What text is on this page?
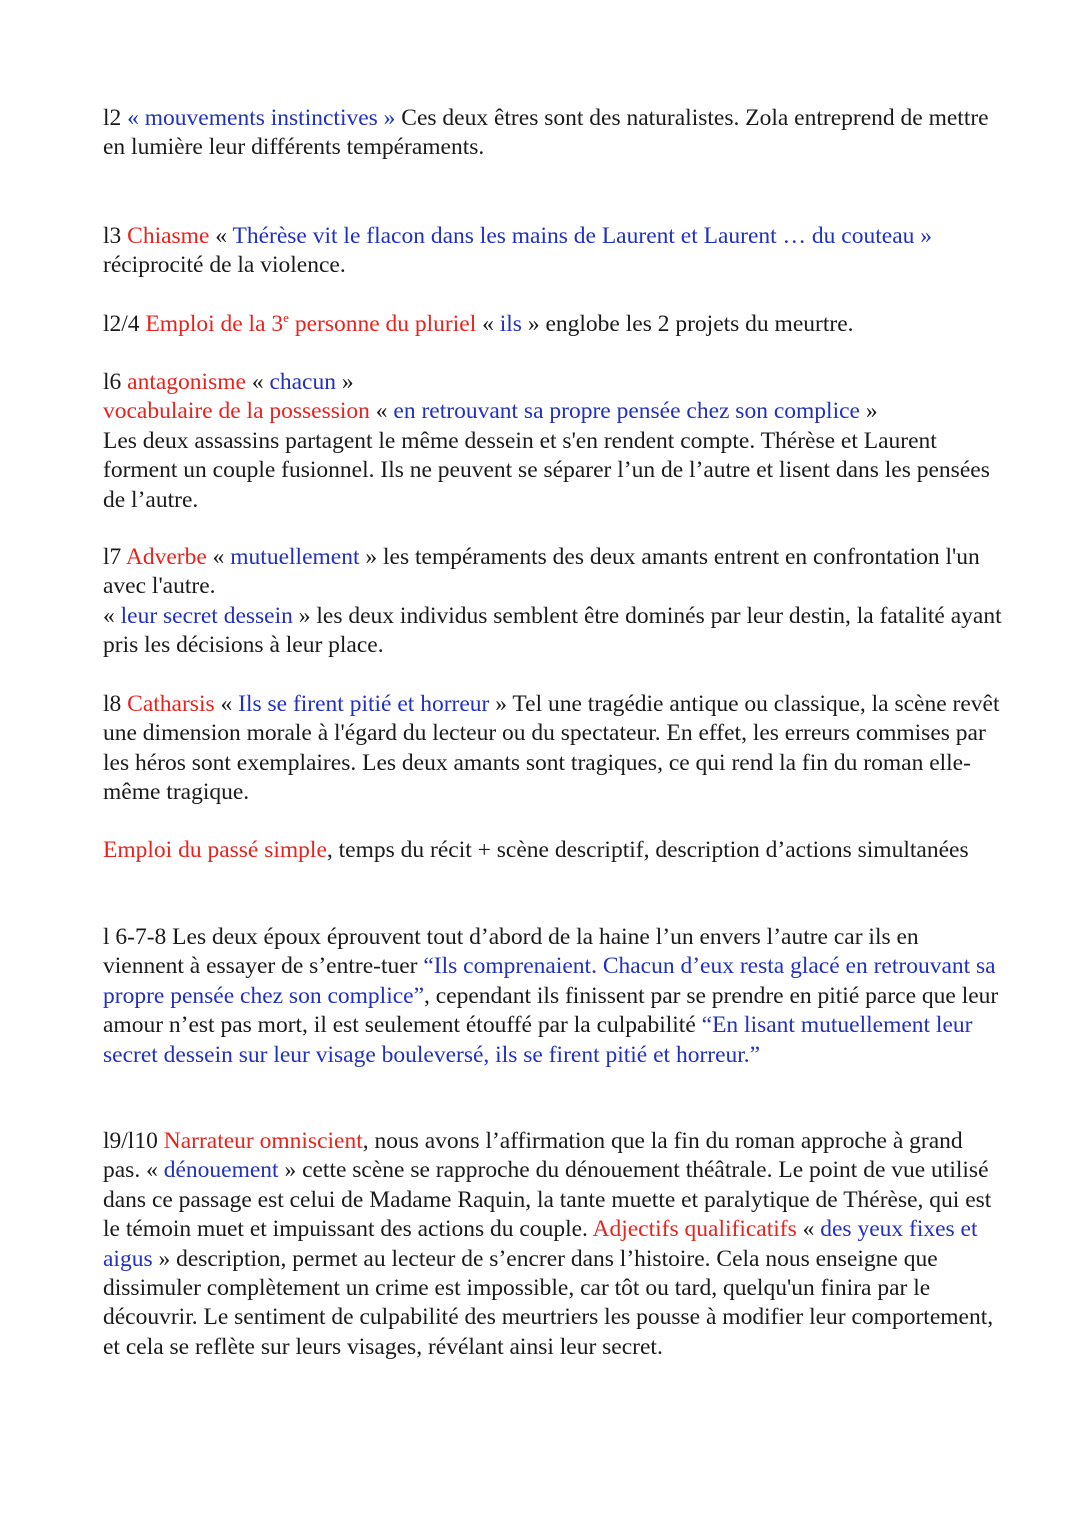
l2 « mouvements instinctives » Ces deux êtres sont des naturalistes. Zola entreprend de mettre en lumière leur différents tempéraments.

l3 Chiasme « Thérèse vit le flacon dans les mains de Laurent et Laurent … du couteau » réciprocité de la violence.

l2/4 Emploi de la 3e personne du pluriel « ils » englobe les 2 projets du meurtre.

l6 antagonisme « chacun »
vocabulaire de la possession « en retrouvant sa propre pensée chez son complice »
Les deux assassins partagent le même dessein et s'en rendent compte. Thérèse et Laurent forment un couple fusionnel. Ils ne peuvent se séparer l’un de l’autre et lisent dans les pensées de l’autre.

l7 Adverbe « mutuellement » les tempéraments des deux amants entrent en confrontation l'un avec l'autre.
« leur secret dessein » les deux individus semblent être dominés par leur destin, la fatalité ayant pris les décisions à leur place.

l8 Catharsis « Ils se firent pitié et horreur » Tel une tragédie antique ou classique, la scène revêt une dimension morale à l'égard du lecteur ou du spectateur. En effet, les erreurs commises par les héros sont exemplaires. Les deux amants sont tragiques, ce qui rend la fin du roman elle-même tragique.

Emploi du passé simple, temps du récit + scène descriptif, description d’actions simultanées

l 6-7-8 Les deux époux éprouvent tout d’abord de la haine l’un envers l’autre car ils en viennent à essayer de s’entre-tuer “Ils comprenaient. Chacun d’eux resta glacé en retrouvant sa propre pensée chez son complice”, cependant ils finissent par se prendre en pitié parce que leur amour n’est pas mort, il est seulement étouffé par la culpabilité “En lisant mutuellement leur secret dessein sur leur visage bouleversé, ils se firent pitié et horreur.”

l9/l10 Narrateur omniscient, nous avons l’affirmation que la fin du roman approche à grand pas. « dénouement » cette scène se rapproche du dénouement théâtrale. Le point de vue utilisé dans ce passage est celui de Madame Raquin, la tante muette et paralytique de Thérèse, qui est le témoin muet et impuissant des actions du couple. Adjectifs qualificatifs « des yeux fixes et aigus » description, permet au lecteur de s’encrer dans l’histoire. Cela nous enseigne que dissimuler complètement un crime est impossible, car tôt ou tard, quelqu'un finira par le découvrir. Le sentiment de culpabilité des meurtriers les pousse à modifier leur comportement, et cela se reflète sur leurs visages, révélant ainsi leur secret.
